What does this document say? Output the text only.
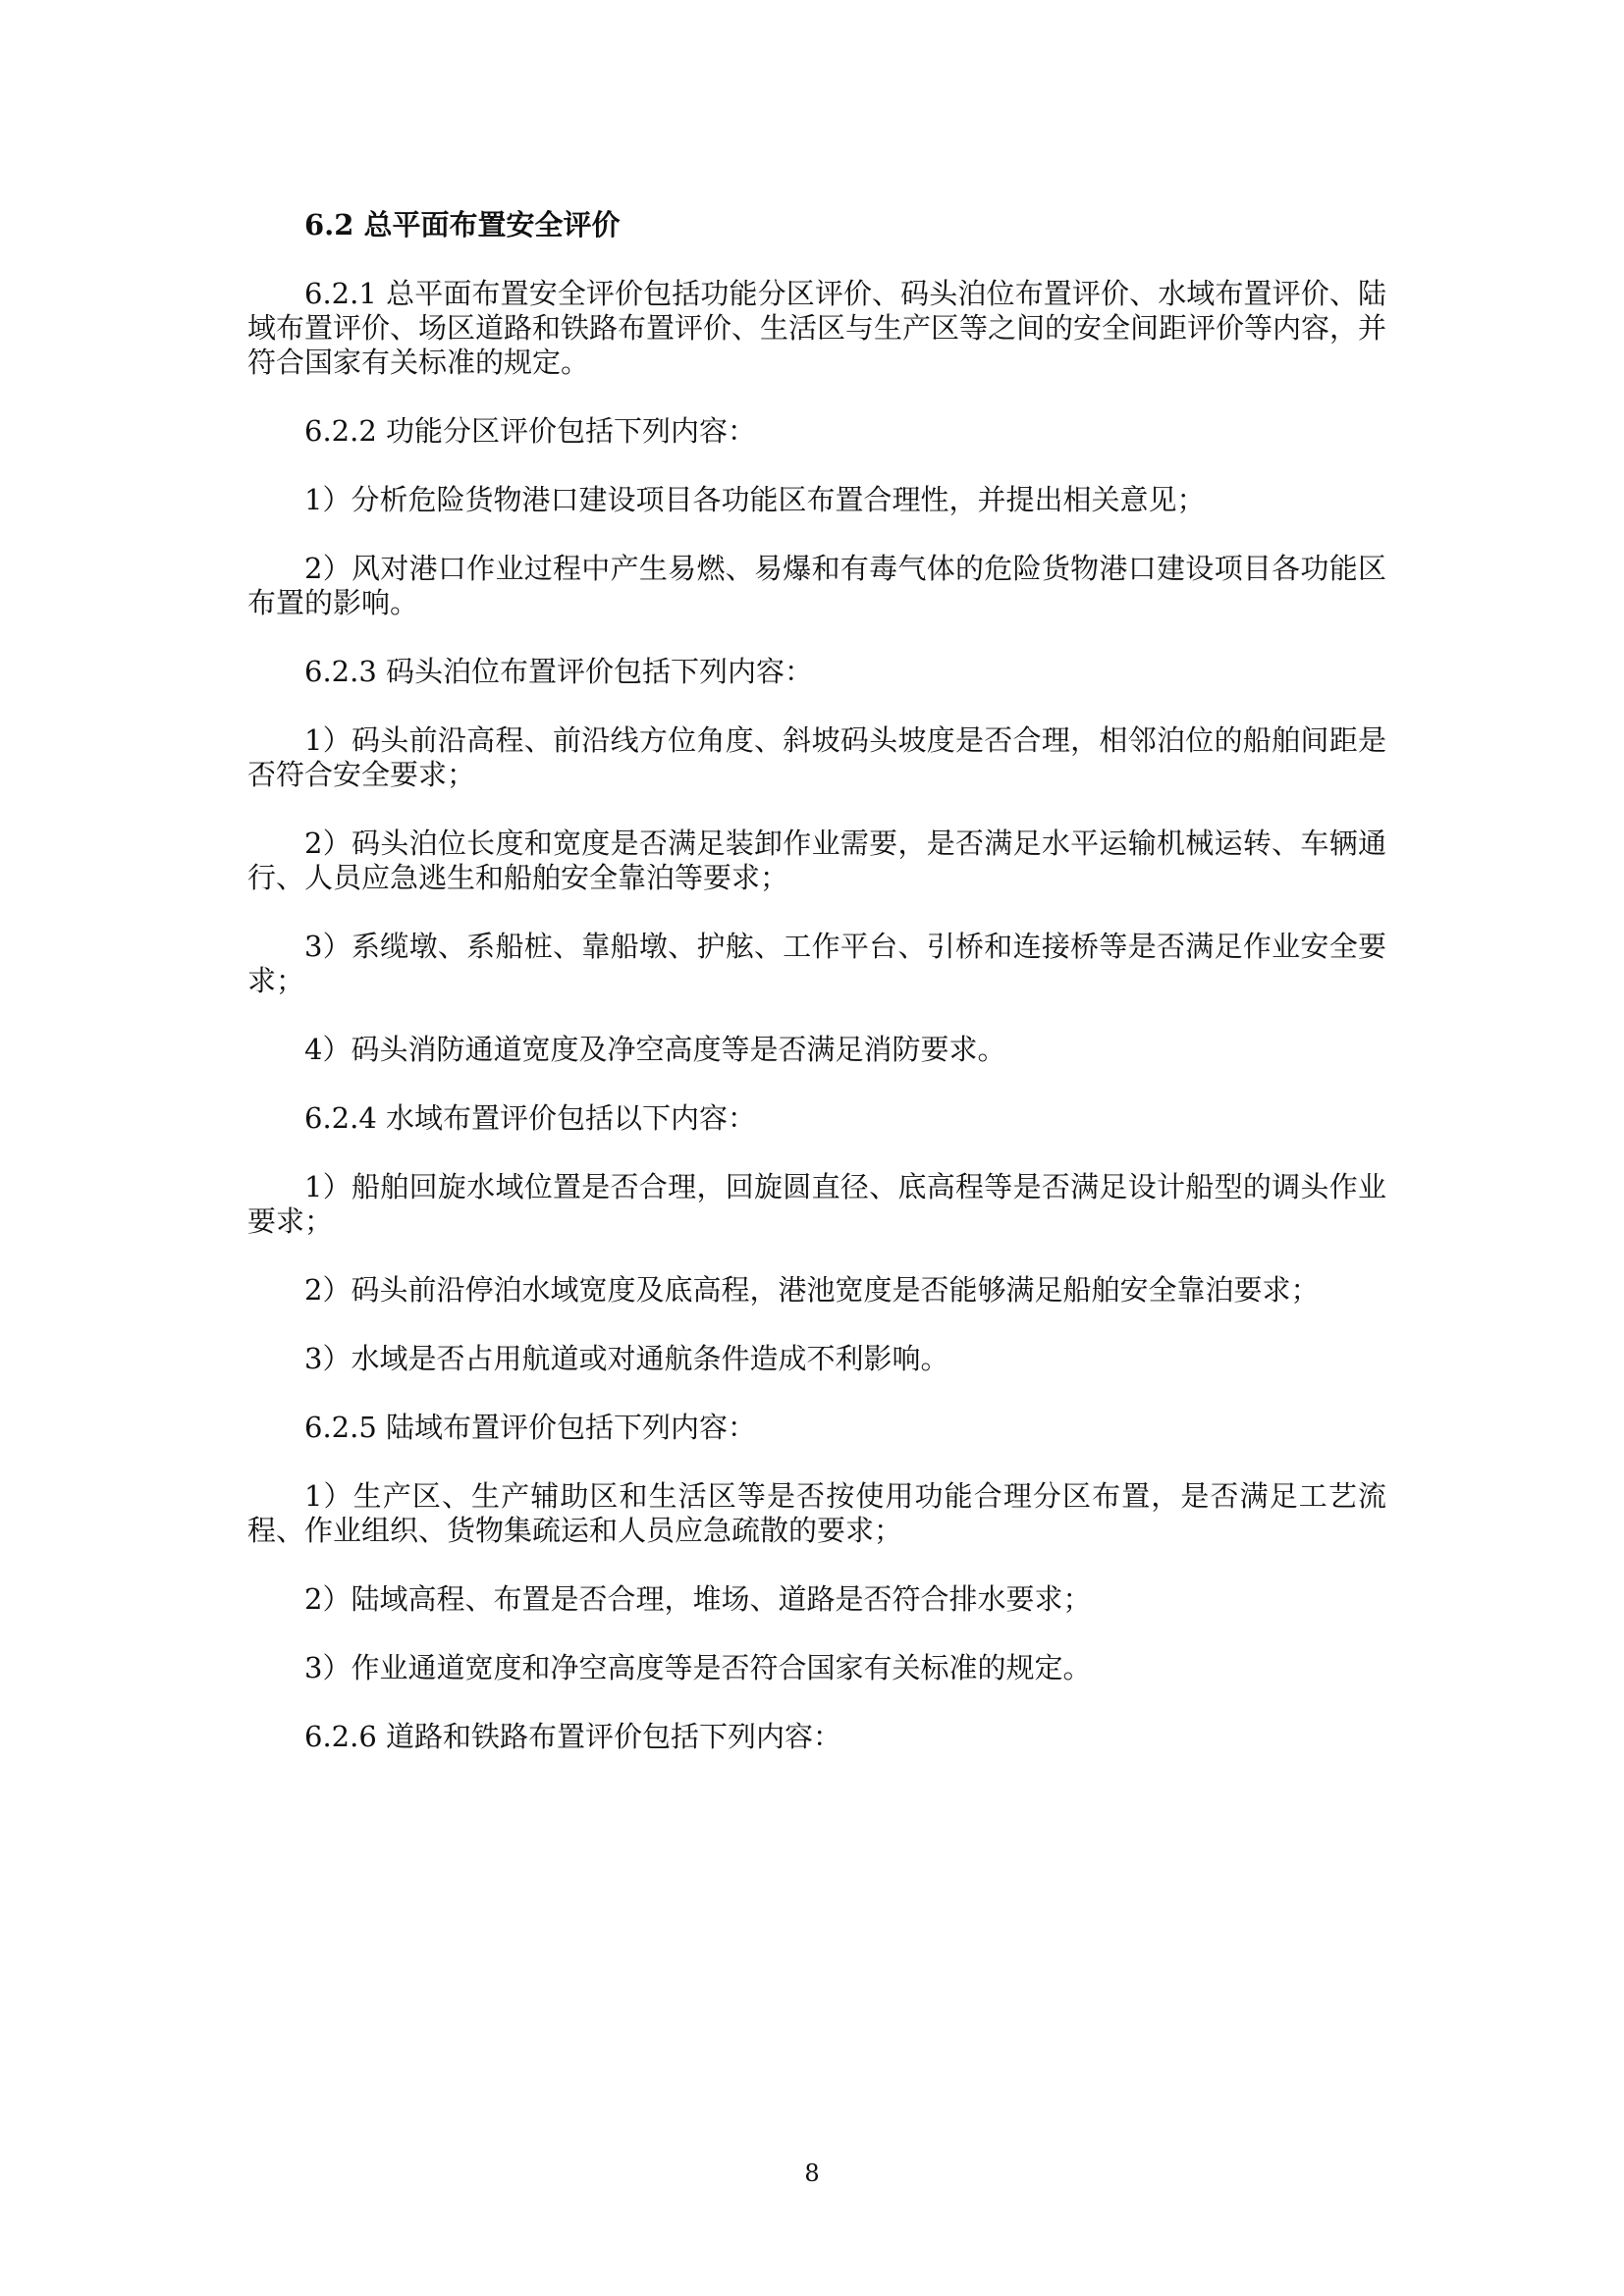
6.2 总平面布置安全评价
6.2.1 总平面布置安全评价包括功能分区评价、码头泊位布置评价、水域布置评价、陆域布置评价、场区道路和铁路布置评价、生活区与生产区等之间的安全间距评价等内容，并符合国家有关标准的规定。
6.2.2 功能分区评价包括下列内容：
1）分析危险货物港口建设项目各功能区布置合理性，并提出相关意见；
2）风对港口作业过程中产生易燃、易爆和有毒气体的危险货物港口建设项目各功能区布置的影响。
6.2.3 码头泊位布置评价包括下列内容：
1）码头前沿高程、前沿线方位角度、斜坡码头坡度是否合理，相邻泊位的船舶间距是否符合安全要求；
2）码头泊位长度和宽度是否满足装卸作业需要，是否满足水平运输机械运转、车辆通行、人员应急逃生和船舶安全靠泊等要求；
3）系缆墩、系船桩、靠船墩、护舷、工作平台、引桥和连接桥等是否满足作业安全要求；
4）码头消防通道宽度及净空高度等是否满足消防要求。
6.2.4 水域布置评价包括以下内容：
1）船舶回旋水域位置是否合理，回旋圆直径、底高程等是否满足设计船型的调头作业要求；
2）码头前沿停泊水域宽度及底高程，港池宽度是否能够满足船舶安全靠泊要求；
3）水域是否占用航道或对通航条件造成不利影响。
6.2.5 陆域布置评价包括下列内容：
1）生产区、生产辅助区和生活区等是否按使用功能合理分区布置，是否满足工艺流程、作业组织、货物集疏运和人员应急疏散的要求；
2）陆域高程、布置是否合理，堆场、道路是否符合排水要求；
3）作业通道宽度和净空高度等是否符合国家有关标准的规定。
6.2.6 道路和铁路布置评价包括下列内容：
8
